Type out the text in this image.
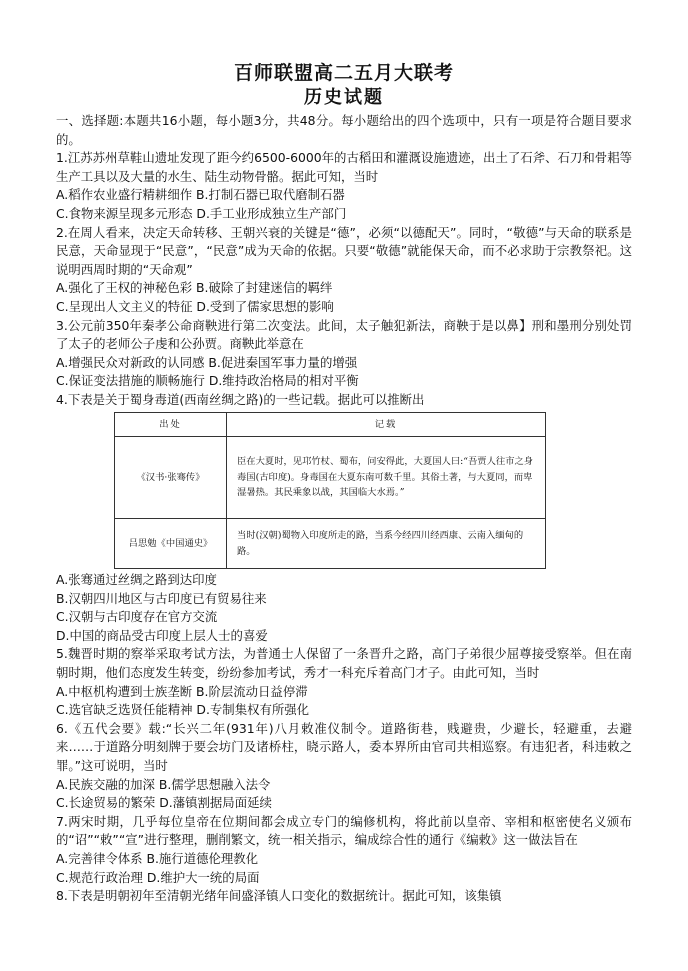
百师联盟高二五月大联考
历史试题
一、选择题:本题共16小题，每小题3分，共48分。每小题给出的四个选项中，只有一项是符合题目要求的。
1.江苏苏州草鞋山遗址发现了距今约6500-6000年的古稻田和灌溉设施遗迹，出土了石斧、石刀和骨耜等生产工具以及大量的水生、陆生动物骨骼。据此可知，当时
A.稻作农业盛行精耕细作 B.打制石器已取代磨制石器
C.食物来源呈现多元形态 D.手工业形成独立生产部门
2.在周人看来，决定天命转移、王朝兴衰的关键是“德”，必须“以德配天”。同时，“敬德”与天命的联系是民意，天命显现于“民意”，“民意”成为天命的依据。只要“敬德”就能保天命，而不必求助于宗教祭祀。这说明西周时期的“天命观”
A.强化了王权的神秘色彩 B.破除了封建迷信的羁绊
C.呈现出人文主义的特征 D.受到了儒家思想的影响
3.公元前350年秦孝公命商鞅进行第二次变法。此间，太子触犯新法，商鞅于是以鼻】刑和墨刑分别处罚了太子的老师公子虔和公孙贾。商鞅此举意在
A.增强民众对新政的认同感 B.促进秦国军事力量的增强
C.保证变法措施的顺畅施行 D.维持政治格局的相对平衡
4.下表是关于蜀身毒道(西南丝绸之路)的一些记载。据此可以推断出
出处	记载
《汉书·张骞传》	臣在大夏时，见邛竹杖、蜀布，问安得此，大夏国人曰:“吾贾人往市之身毒国(古印度)。身毒国在大夏东南可数千里。其俗土著，与大夏同，而卑湿暑热。其民乘象以战，其国临大水焉。”
吕思勉《中国通史》	当时(汉朝)蜀物入印度所走的路，当系今经四川经西康、云南入缅甸的路。
A.张骞通过丝绸之路到达印度
B.汉朝四川地区与古印度已有贸易往来
C.汉朝与古印度存在官方交流
D.中国的商品受古印度上层人士的喜爱
5.魏晋时期的察举采取考试方法，为普通士人保留了一条晋升之路，高门子弟很少屈尊接受察举。但在南朝时期，他们态度发生转变，纷纷参加考试，秀才一科充斥着高门才子。由此可知，当时
A.中枢机构遭到士族垄断 B.阶层流动日益停滞
C.选官缺乏选贤任能精神 D.专制集权有所强化
6.《五代会要》载:“长兴二年(931年)八月敕准仪制令。道路街巷，贱避贵，少避长，轻避重，去避来……于道路分明刻牌于要会坊门及诸桥柱，晓示路人，委本界所由官司共相巡察。有违犯者，科违敕之罪。”这可说明，当时
A.民族交融的加深 B.儒学思想融入法令
C.长途贸易的繁荣 D.藩镇割据局面延续
7.两宋时期，几乎每位皇帝在位期间都会成立专门的编修机构，将此前以皇帝、宰相和枢密使名义颁布的“诏”“敕”“宣”进行整理，删削繁文，统一相关指示，编成综合性的通行《编敕》这一做法旨在
A.完善律令体系 B.施行道德伦理教化
C.规范行政治理 D.维护大一统的局面
8.下表是明朝初年至清朝光绪年间盛泽镇人口变化的数据统计。据此可知，该集镇
